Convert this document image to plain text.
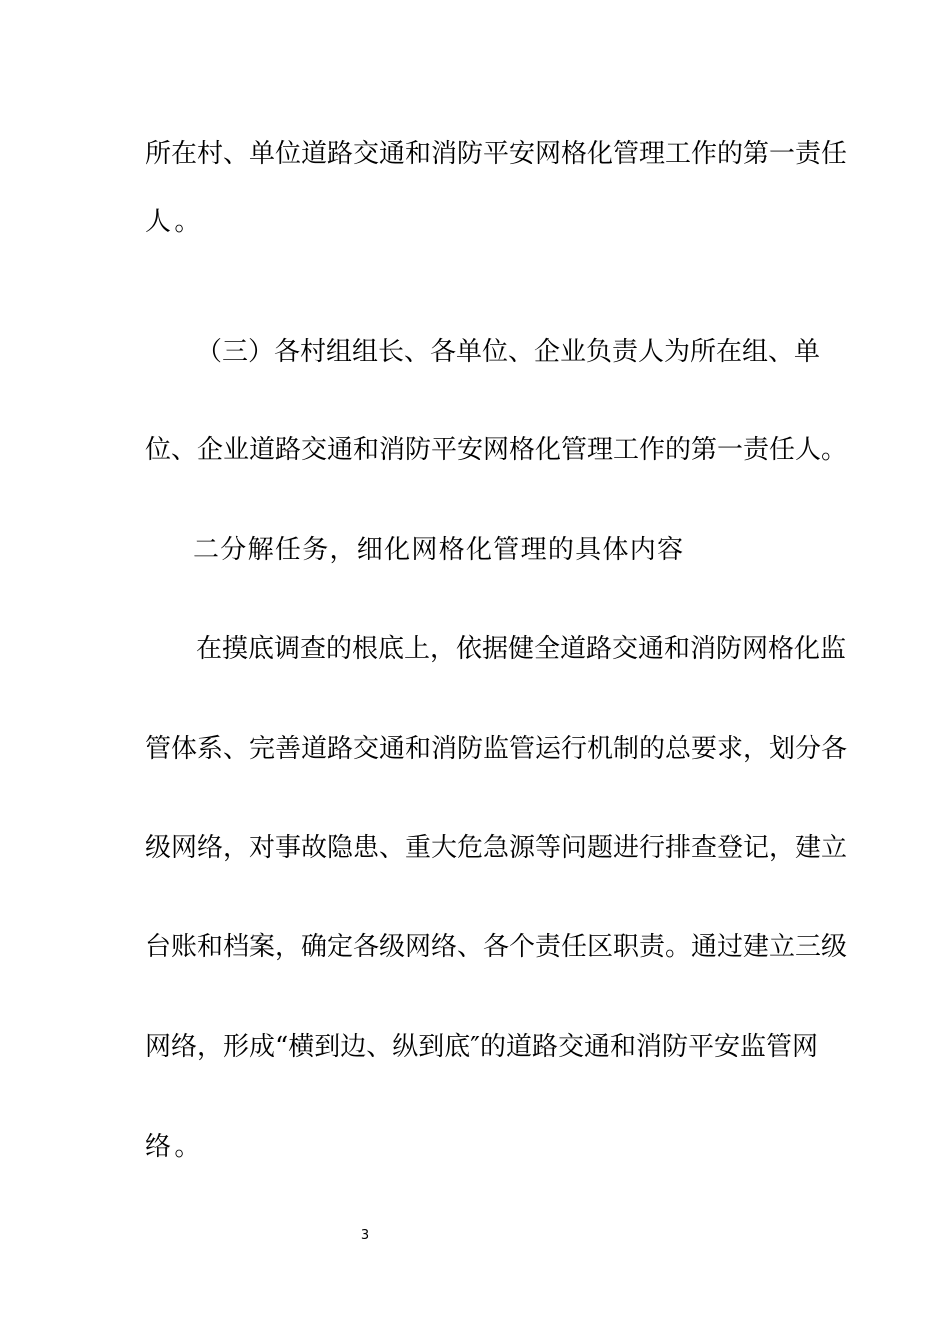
所在村、单位道路交通和消防平安网格化管理工作的第一责任
人。
（三）各村组组长、各单位、企业负责人为所在组、单
位、企业道路交通和消防平安网格化管理工作的第一责任人。
二分解任务，细化网格化管理的具体内容
在摸底调查的根底上，依据健全道路交通和消防网格化监
管体系、完善道路交通和消防监管运行机制的总要求，划分各
级网络，对事故隐患、重大危急源等问题进行排查登记，建立
台账和档案，确定各级网络、各个责任区职责。通过建立三级
网络，形成“横到边、纵到底″的道路交通和消防平安监管网
络。
3
